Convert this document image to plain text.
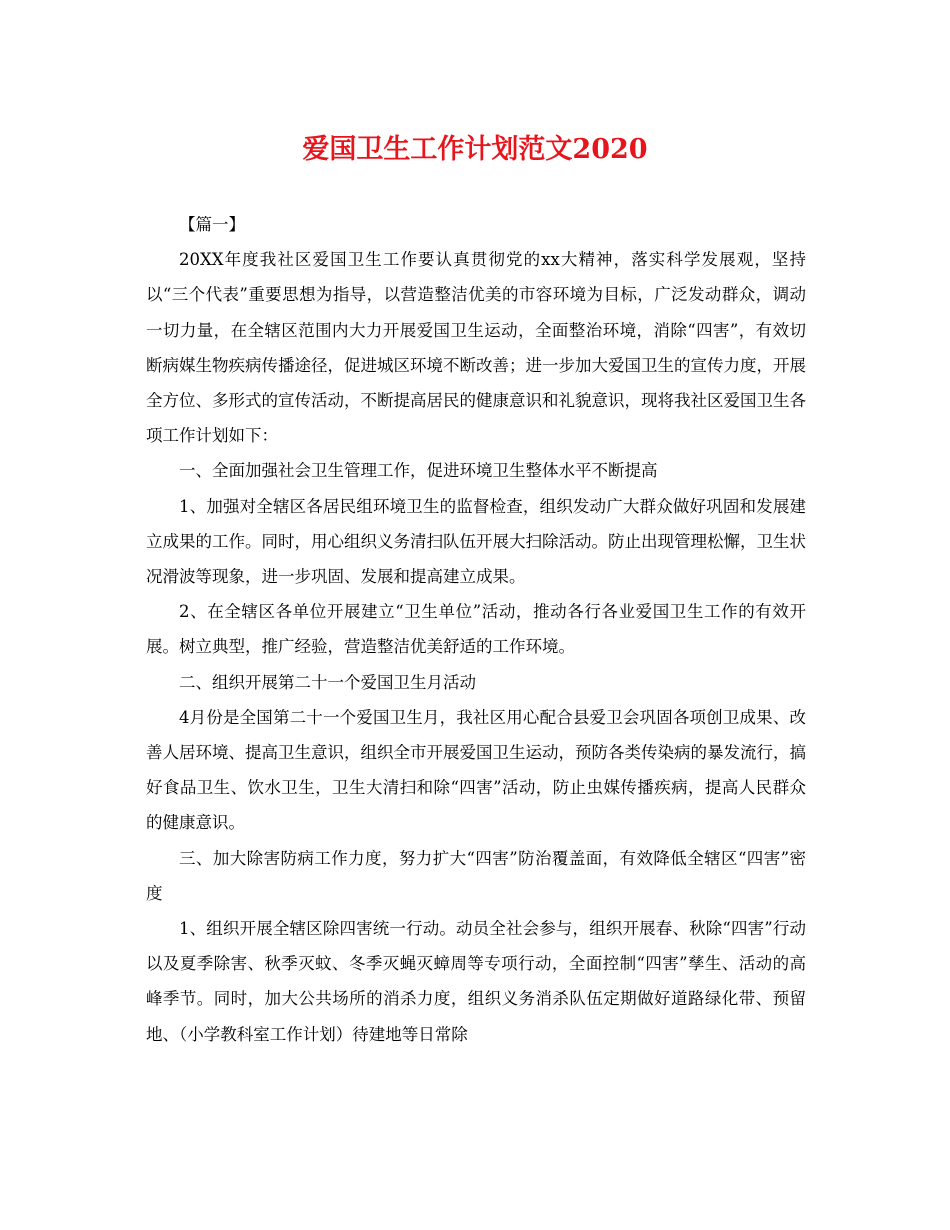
爱国卫生工作计划范文2020

【篇一】

20XX年度我社区爱国卫生工作要认真贯彻党的xx大精神，落实科学发展观，坚持以“三个代表”重要思想为指导，以营造整洁优美的市容环境为目标，广泛发动群众，调动一切力量，在全辖区范围内大力开展爱国卫生运动，全面整治环境，消除“四害”，有效切断病媒生物疾病传播途径，促进城区环境不断改善；进一步加大爱国卫生的宣传力度，开展全方位、多形式的宣传活动，不断提高居民的健康意识和礼貌意识，现将我社区爱国卫生各项工作计划如下：

一、全面加强社会卫生管理工作，促进环境卫生整体水平不断提高

1、加强对全辖区各居民组环境卫生的监督检查，组织发动广大群众做好巩固和发展建立成果的工作。同时，用心组织义务清扫队伍开展大扫除活动。防止出现管理松懈，卫生状况滑波等现象，进一步巩固、发展和提高建立成果。

2、在全辖区各单位开展建立“卫生单位”活动，推动各行各业爱国卫生工作的有效开展。树立典型，推广经验，营造整洁优美舒适的工作环境。

二、组织开展第二十一个爱国卫生月活动

4月份是全国第二十一个爱国卫生月，我社区用心配合县爱卫会巩固各项创卫成果、改善人居环境、提高卫生意识，组织全市开展爱国卫生运动，预防各类传染病的暴发流行，搞好食品卫生、饮水卫生，卫生大清扫和除“四害”活动，防止虫媒传播疾病，提高人民群众的健康意识。

三、加大除害防病工作力度，努力扩大“四害”防治覆盖面，有效降低全辖区“四害”密度

1、组织开展全辖区除四害统一行动。动员全社会参与，组织开展春、秋除“四害”行动以及夏季除害、秋季灭蚊、冬季灭蝇灭蟑周等专项行动，全面控制“四害”孳生、活动的高峰季节。同时，加大公共场所的消杀力度，组织义务消杀队伍定期做好道路绿化带、预留地、（小学教科室工作计划）待建地等日常除
